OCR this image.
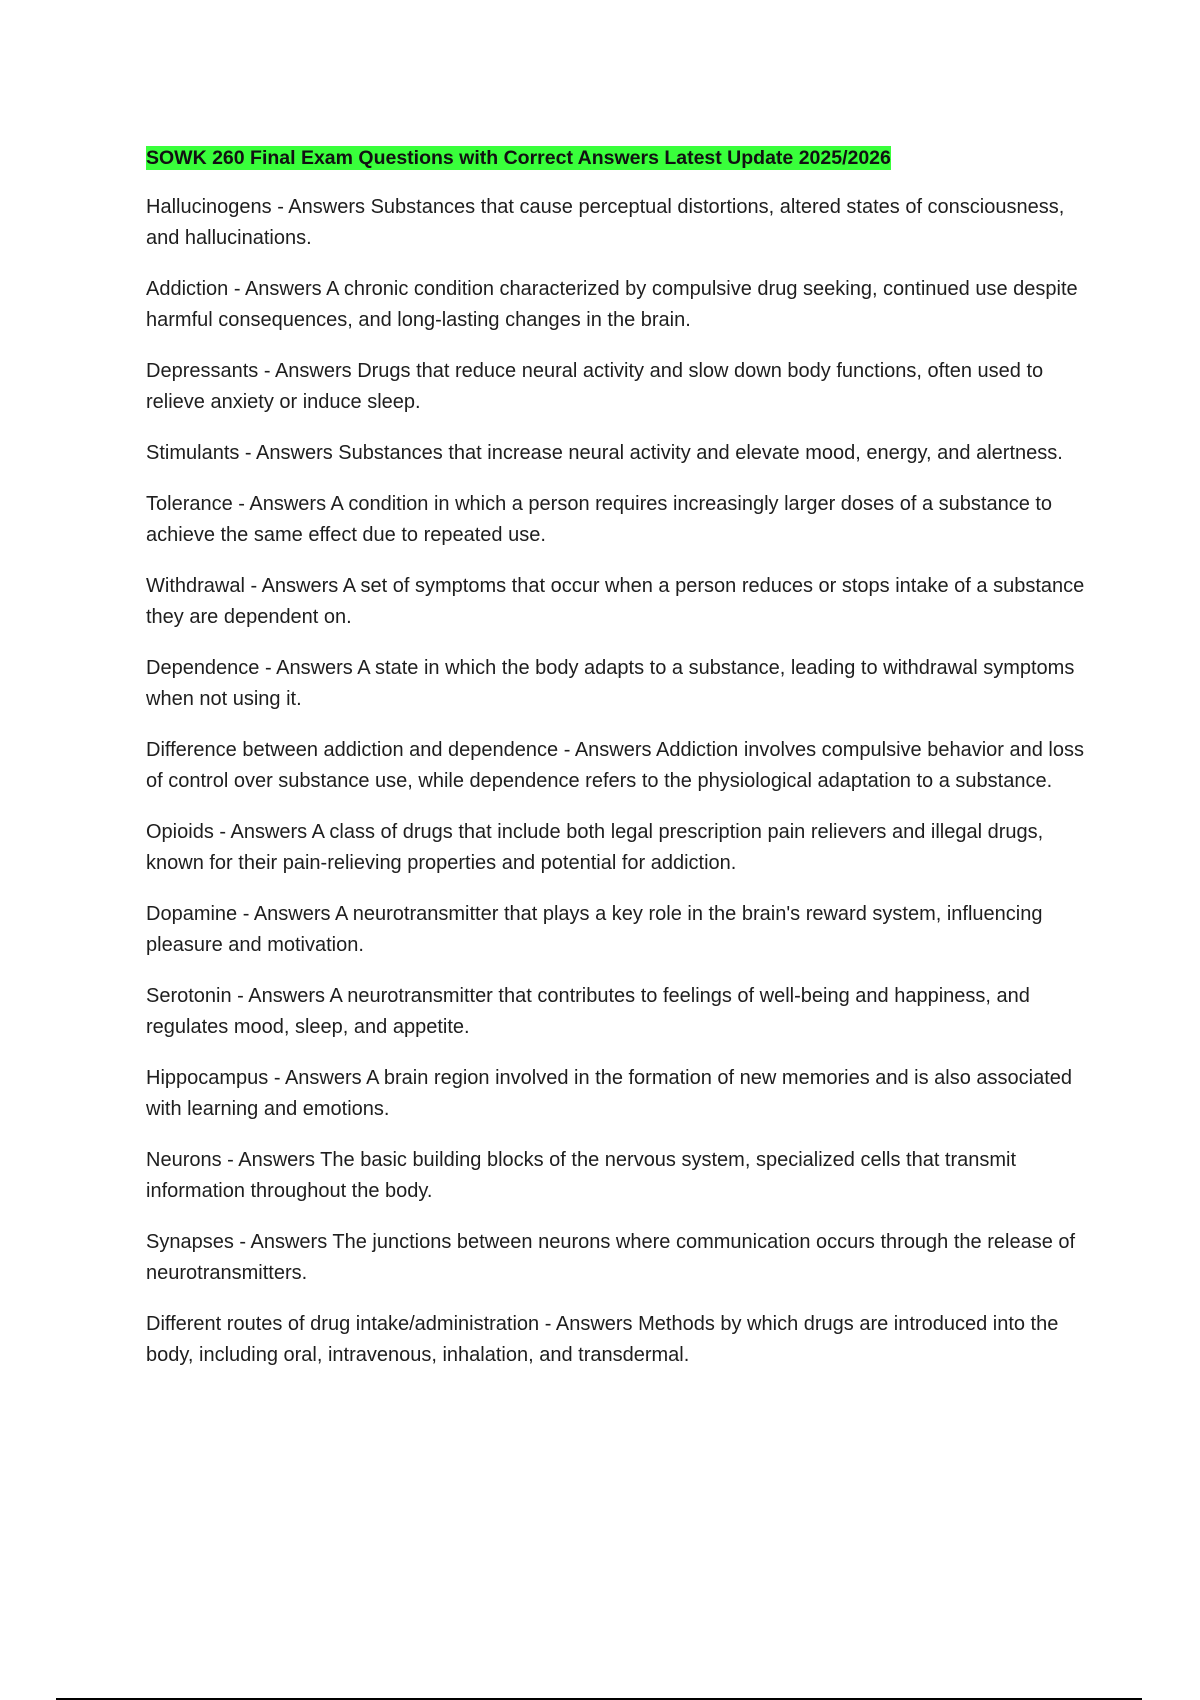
SOWK 260 Final Exam Questions with Correct Answers Latest Update 2025/2026

Hallucinogens - Answers Substances that cause perceptual distortions, altered states of consciousness, and hallucinations.

Addiction - Answers A chronic condition characterized by compulsive drug seeking, continued use despite harmful consequences, and long-lasting changes in the brain.

Depressants - Answers Drugs that reduce neural activity and slow down body functions, often used to relieve anxiety or induce sleep.

Stimulants - Answers Substances that increase neural activity and elevate mood, energy, and alertness.

Tolerance - Answers A condition in which a person requires increasingly larger doses of a substance to achieve the same effect due to repeated use.

Withdrawal - Answers A set of symptoms that occur when a person reduces or stops intake of a substance they are dependent on.

Dependence - Answers A state in which the body adapts to a substance, leading to withdrawal symptoms when not using it.

Difference between addiction and dependence - Answers Addiction involves compulsive behavior and loss of control over substance use, while dependence refers to the physiological adaptation to a substance.

Opioids - Answers A class of drugs that include both legal prescription pain relievers and illegal drugs, known for their pain-relieving properties and potential for addiction.

Dopamine - Answers A neurotransmitter that plays a key role in the brain's reward system, influencing pleasure and motivation.

Serotonin - Answers A neurotransmitter that contributes to feelings of well-being and happiness, and regulates mood, sleep, and appetite.

Hippocampus - Answers A brain region involved in the formation of new memories and is also associated with learning and emotions.

Neurons - Answers The basic building blocks of the nervous system, specialized cells that transmit information throughout the body.

Synapses - Answers The junctions between neurons where communication occurs through the release of neurotransmitters.

Different routes of drug intake/administration - Answers Methods by which drugs are introduced into the body, including oral, intravenous, inhalation, and transdermal.
